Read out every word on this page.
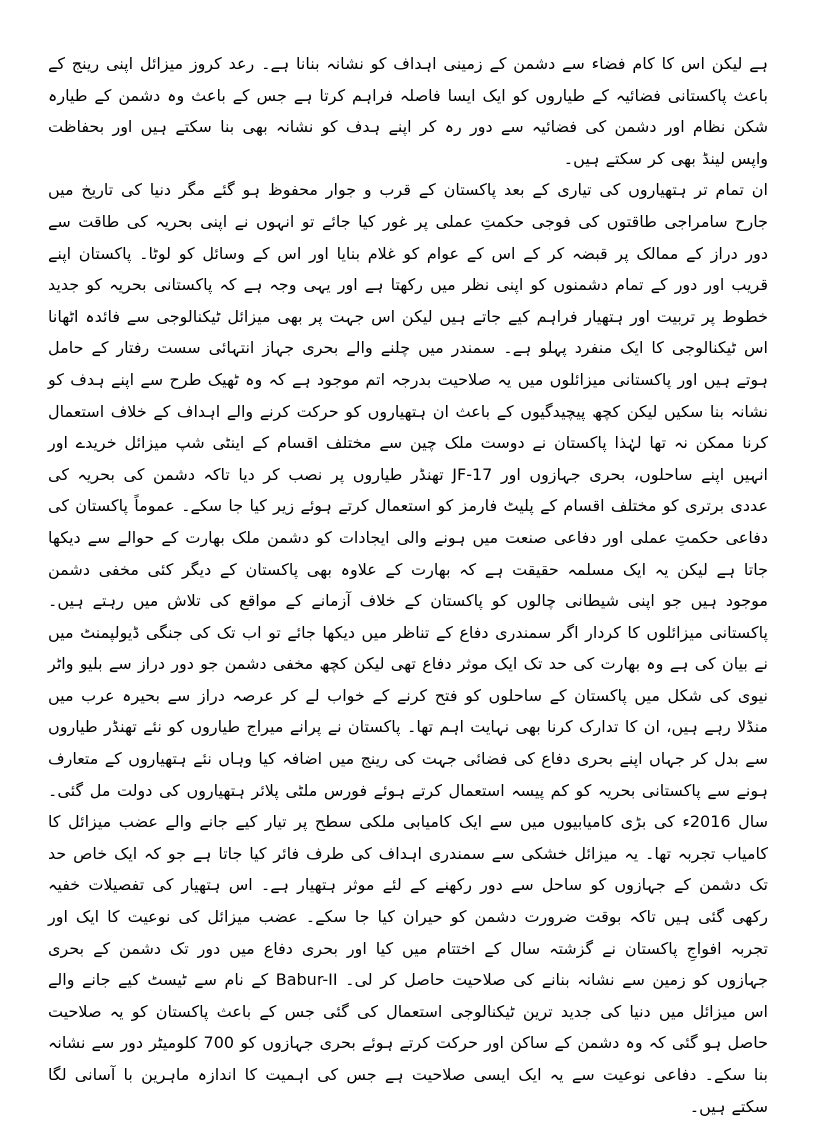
ہے لیکن اس کا کام فضاء سے دشمن کے زمینی اہداف کو نشانہ بنانا ہے۔ رعد کروز میزائل اپنی رینج کے باعث پاکستانی فضائیہ کے طیاروں کو ایک ایسا فاصلہ فراہم کرتا ہے جس کے باعث وہ دشمن کے طیارہ شکن نظام اور دشمن کی فضائیہ سے دور رہ کر اپنے ہدف کو نشانہ بھی بنا سکتے ہیں اور بحفاظت واپس لینڈ بھی کر سکتے ہیں۔

ان تمام تر ہتھیاروں کی تیاری کے بعد پاکستان کے قرب و جوار محفوظ ہو گئے مگر دنیا کی تاریخ میں جارح سامراجی طاقتوں کی فوجی حکمتِ عملی پر غور کیا جائے تو انہوں نے اپنی بحریہ کی طاقت سے دور دراز کے ممالک پر قبضہ کر کے اس کے عوام کو غلام بنایا اور اس کے وسائل کو لوٹا۔ پاکستان اپنے قریب اور دور کے تمام دشمنوں کو اپنی نظر میں رکھتا ہے اور یہی وجہ ہے کہ پاکستانی بحریہ کو جدید خطوط پر تربیت اور ہتھیار فراہم کیے جاتے ہیں لیکن اس جہت پر بھی میزائل ٹیکنالوجی سے فائدہ اٹھانا اس ٹیکنالوجی کا ایک منفرد پہلو ہے۔ سمندر میں چلنے والے بحری جہاز انتہائی سست رفتار کے حامل ہوتے ہیں اور پاکستانی میزائلوں میں یہ صلاحیت بدرجہ اتم موجود ہے کہ وہ ٹھیک طرح سے اپنے ہدف کو نشانہ بنا سکیں لیکن کچھ پیچیدگیوں کے باعث ان ہتھیاروں کو حرکت کرنے والے اہداف کے خلاف استعمال کرنا ممکن نہ تھا لہٰذا پاکستان نے دوست ملک چین سے مختلف اقسام کے اینٹی شپ میزائل خریدے اور انہیں اپنے ساحلوں، بحری جہازوں اور JF-17 تھنڈر طیاروں پر نصب کر دیا تاکہ دشمن کی بحریہ کی عددی برتری کو مختلف اقسام کے پلیٹ فارمز کو استعمال کرتے ہوئے زیر کیا جا سکے۔ عموماً پاکستان کی دفاعی حکمتِ عملی اور دفاعی صنعت میں ہونے والی ایجادات کو دشمن ملک بھارت کے حوالے سے دیکھا جاتا ہے لیکن یہ ایک مسلمہ حقیقت ہے کہ بھارت کے علاوہ بھی پاکستان کے دیگر کئی مخفی دشمن موجود ہیں جو اپنی شیطانی چالوں کو پاکستان کے خلاف آزمانے کے مواقع کی تلاش میں رہتے ہیں۔ پاکستانی میزائلوں کا کردار اگر سمندری دفاع کے تناظر میں دیکھا جائے تو اب تک کی جنگی ڈیولپمنٹ میں نے بیان کی ہے وہ بھارت کی حد تک ایک موثر دفاع تھی لیکن کچھ مخفی دشمن جو دور دراز سے بلیو واٹر نیوی کی شکل میں پاکستان کے ساحلوں کو فتح کرنے کے خواب لے کر عرصہ دراز سے بحیرہ عرب میں منڈلا رہے ہیں، ان کا تدارک کرنا بھی نہایت اہم تھا۔ پاکستان نے پرانے میراج طیاروں کو نئے تھنڈر طیاروں سے بدل کر جہاں اپنے بحری دفاع کی فضائی جہت کی رینج میں اضافہ کیا وہاں نئے ہتھیاروں کے متعارف ہونے سے پاکستانی بحریہ کو کم پیسہ استعمال کرتے ہوئے فورس ملٹی پلائر ہتھیاروں کی دولت مل گئی۔ سال 2016ء کی بڑی کامیابیوں میں سے ایک کامیابی ملکی سطح پر تیار کیے جانے والے عضب میزائل کا کامیاب تجربہ تھا۔ یہ میزائل خشکی سے سمندری اہداف کی طرف فائر کیا جاتا ہے جو کہ ایک خاص حد تک دشمن کے جہازوں کو ساحل سے دور رکھنے کے لئے موثر ہتھیار ہے۔ اس ہتھیار کی تفصیلات خفیہ رکھی گئی ہیں تاکہ بوقت ضرورت دشمن کو حیران کیا جا سکے۔ عضب میزائل کی نوعیت کا ایک اور تجربہ افواجِ پاکستان نے گزشتہ سال کے اختتام میں کیا اور بحری دفاع میں دور تک دشمن کے بحری جہازوں کو زمین سے نشانہ بنانے کی صلاحیت حاصل کر لی۔ Babur-II کے نام سے ٹیسٹ کیے جانے والے اس میزائل میں دنیا کی جدید ترین ٹیکنالوجی استعمال کی گئی جس کے باعث پاکستان کو یہ صلاحیت حاصل ہو گئی کہ وہ دشمن کے ساکن اور حرکت کرتے ہوئے بحری جہازوں کو 700 کلومیٹر دور سے نشانہ بنا سکے۔ دفاعی نوعیت سے یہ ایک ایسی صلاحیت ہے جس کی اہمیت کا اندازہ ماہرین با آسانی لگا سکتے ہیں۔
